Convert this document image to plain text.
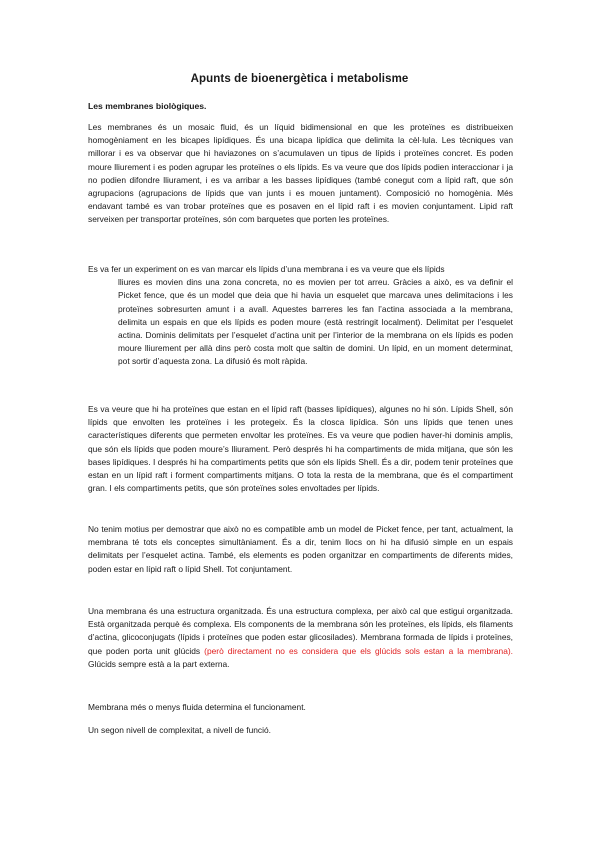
Apunts de bioenergètica i metabolisme
Les membranes biològiques.

Les membranes és un mosaic fluid, és un líquid bidimensional en que les proteïnes es distribueixen homogèniament en les bicapes lipídiques. És una bicapa lipídica que delimita la cèl·lula. Les tècniques van millorar i es va observar que hi haviazones on s’acumulaven un tipus de lípids i proteïnes concret. Es poden moure lliurement i es poden agrupar les proteïnes o els lípids. Es va veure que dos lípids podien interaccionar i ja no podien difondre lliurament, i es va arribar a les basses lipídiques (també conegut com a lípid raft, que són agrupacions (agrupacions de lípids que van junts i es mouen juntament). Composició no homogènia. Més endavant també es van trobar proteïnes que es posaven en el lípid raft i es movien conjuntament. Lipid raft serveixen per transportar proteïnes, són com barquetes que porten les proteïnes.

Es va fer un experiment on es van marcar els lípids d’una membrana i es va veure que els lípids
lliures es movien dins una zona concreta, no es movien per tot arreu. Gràcies a això, es va definir el Picket fence, que és un model que deia que hi havia un esquelet que marcava unes delimitacions i les proteïnes sobresurten amunt i a avall. Aquestes barreres les fan l’actina associada a la membrana, delimita un espais en que els lípids es poden moure (està restringit localment). Delimitat per l’esquelet actina. Dominis delimitats per l’esquelet d’actina unit per l’interior de la membrana on els lípids es poden moure lliurement per allà dins però costa molt que saltin de domini. Un lípid, en un moment determinat, pot sortir d’aquesta zona. La difusió és molt ràpida.

Es va veure que hi ha proteïnes que estan en el lípid raft (basses lipídiques), algunes no hi són. Lípids Shell, són lípids que envolten les proteïnes i les protegeix. És la closca lipídica. Són uns lípids que tenen unes característiques diferents que permeten envoltar les proteïnes. Es va veure que podien haver-hi dominis amplis, que són els lípids que poden moure’s lliurament. Però després hi ha compartiments de mida mitjana, que són les bases lipídiques. I després hi ha compartiments petits que són els lípids Shell. És a dir, podem tenir proteïnes que estan en un lípid raft i forment compartiments mitjans. O tota la resta de la membrana, que és el compartiment gran. I els compartiments petits, que són proteïnes soles envoltades per lípids.

No tenim motius per demostrar que això no es compatible amb un model de Picket fence, per tant, actualment, la membrana té tots els conceptes simultàniament. És a dir, tenim llocs on hi ha difusió simple en un espais delimitats per l’esquelet actina. També, els elements es poden organitzar en compartiments de diferents mides, poden estar en lípid raft o lípid Shell. Tot conjuntament.

Una membrana és una estructura organitzada. És una estructura complexa, per això cal que estigui organitzada. Està organitzada perquè és complexa. Els components de la membrana són les proteïnes, els lípids, els filaments d’actina, glicoconjugats (lípids i proteïnes que poden estar glicosilades). Membrana formada de lípids i proteïnes, que poden porta unit glúcids (però directament no es considera que els glúcids sols estan a la membrana). Glúcids sempre està a la part externa.

Membrana més o menys fluida determina el funcionament.

Un segon nivell de complexitat, a nivell de funció.
